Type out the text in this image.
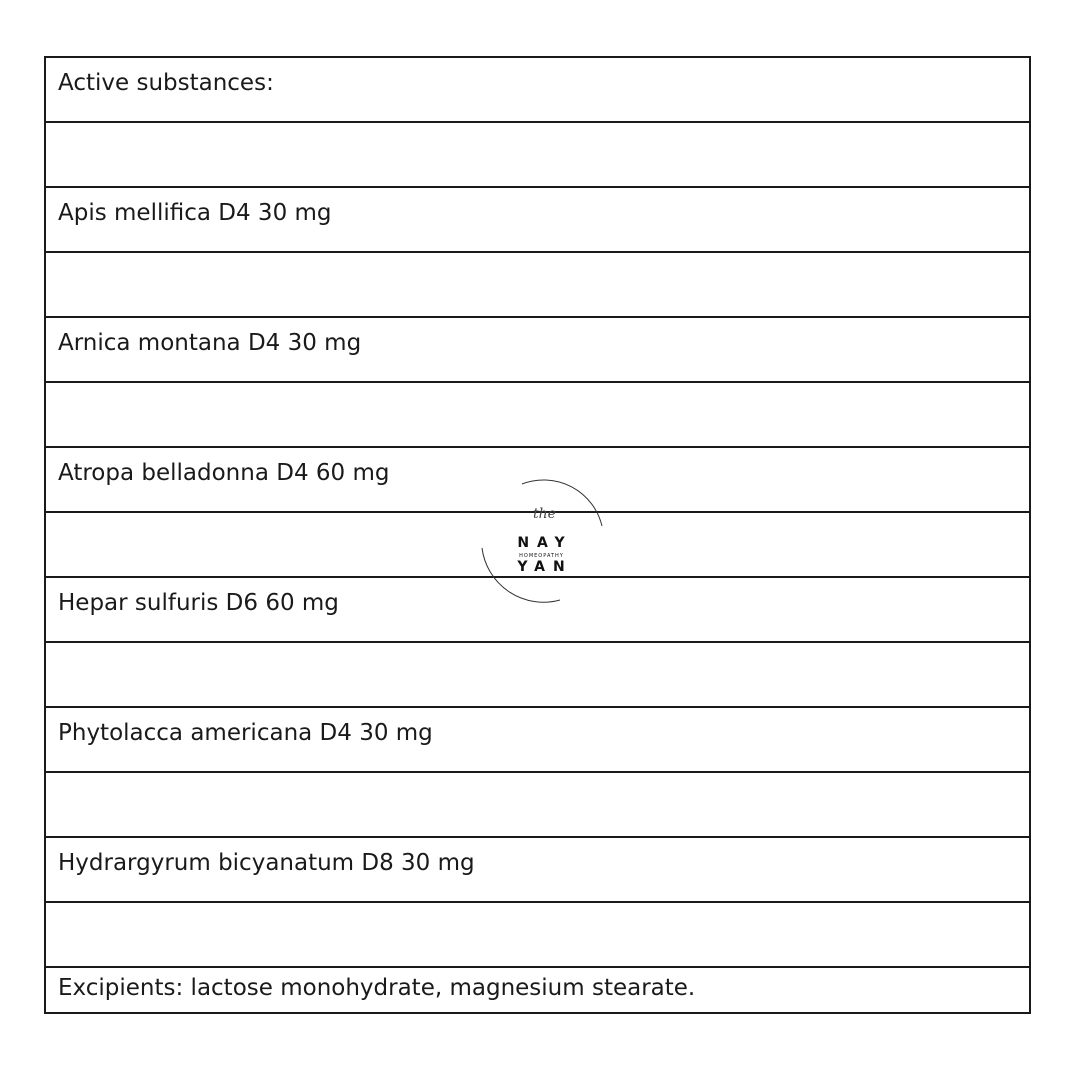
Active substances:

Apis mellifica D4 30 mg

Arnica montana D4 30 mg

Atropa belladonna D4 60 mg

Hepar sulfuris D6 60 mg

Phytolacca americana D4 30 mg

Hydrargyrum bicyanatum D8 30 mg

Excipients: lactose monohydrate, magnesium stearate.
the
NAY
HOMEOPATHY
YAN
